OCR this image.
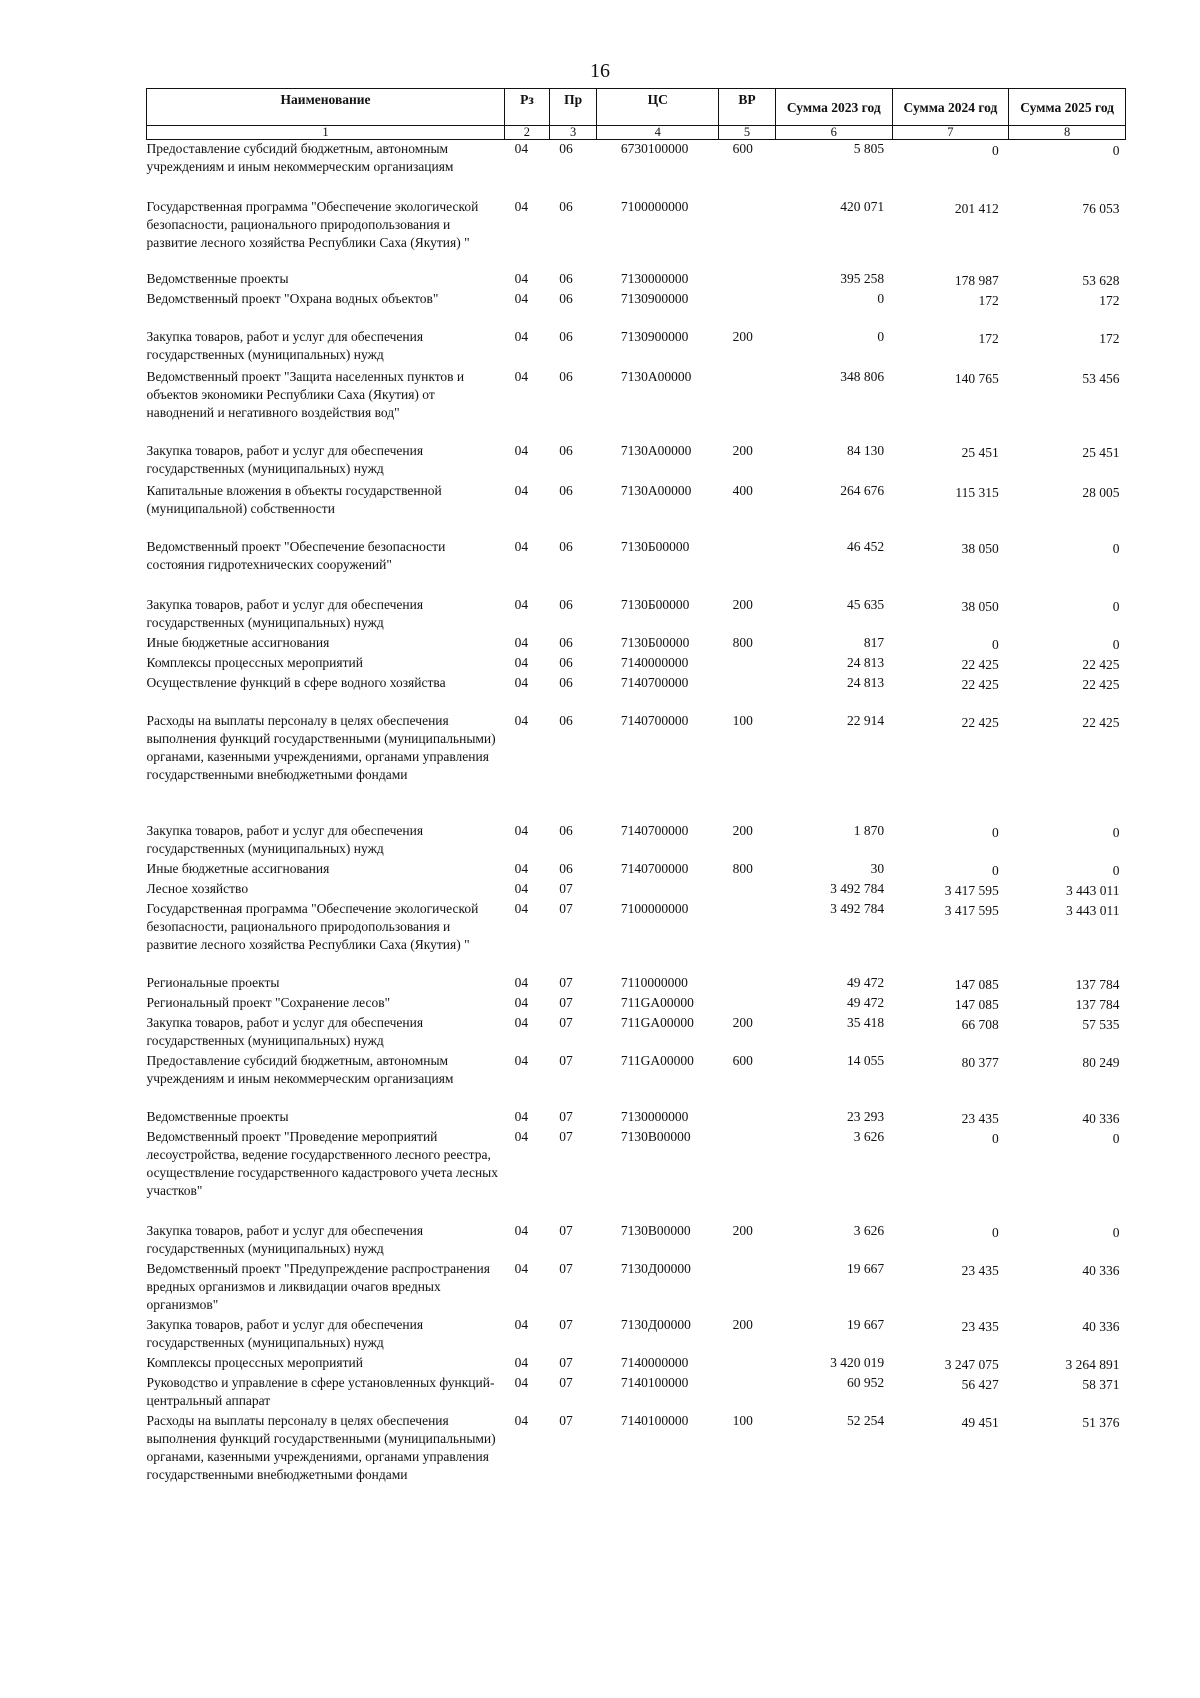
16
Наименование	Рз	Пр	ЦС	ВР	Сумма 2023 год	Сумма 2024 год	Сумма 2025 год
1	2	3	4	5	6	7	8
Предоставление субсидий бюджетным, автономным учреждениям и иным некоммерческим организациям	04	06	6730100000	600	5 805	0	0
Государственная программа "Обеспечение экологической безопасности, рационального природопользования и развитие лесного хозяйства Республики Саха (Якутия) "	04	06	7100000000		420 071	201 412	76 053
Ведомственные проекты	04	06	7130000000		395 258	178 987	53 628
Ведомственный проект "Охрана водных объектов"	04	06	7130900000		0	172	172
Закупка товаров, работ и услуг для обеспечения государственных (муниципальных) нужд	04	06	7130900000	200	0	172	172
Ведомственный проект "Защита населенных пунктов и объектов экономики Республики Саха (Якутия) от наводнений и негативного воздействия вод"	04	06	7130А00000		348 806	140 765	53 456
Закупка товаров, работ и услуг для обеспечения государственных (муниципальных) нужд	04	06	7130А00000	200	84 130	25 451	25 451
Капитальные вложения в объекты государственной (муниципальной) собственности	04	06	7130А00000	400	264 676	115 315	28 005
Ведомственный проект "Обеспечение безопасности состояния гидротехнических сооружений"	04	06	7130Б00000		46 452	38 050	0
Закупка товаров, работ и услуг для обеспечения государственных (муниципальных) нужд	04	06	7130Б00000	200	45 635	38 050	0
Иные бюджетные ассигнования	04	06	7130Б00000	800	817	0	0
Комплексы процессных мероприятий	04	06	7140000000		24 813	22 425	22 425
Осуществление функций в сфере водного хозяйства	04	06	7140700000		24 813	22 425	22 425
Расходы на выплаты персоналу в целях обеспечения выполнения функций государственными (муниципальными) органами, казенными учреждениями, органами управления государственными внебюджетными фондами	04	06	7140700000	100	22 914	22 425	22 425
Закупка товаров, работ и услуг для обеспечения государственных (муниципальных) нужд	04	06	7140700000	200	1 870	0	0
Иные бюджетные ассигнования	04	06	7140700000	800	30	0	0
Лесное хозяйство	04	07			3 492 784	3 417 595	3 443 011
Государственная программа "Обеспечение экологической безопасности, рационального природопользования и развитие лесного хозяйства Республики Саха (Якутия) "	04	07	7100000000		3 492 784	3 417 595	3 443 011
Региональные проекты	04	07	7110000000		49 472	147 085	137 784
Региональный проект "Сохранение лесов"	04	07	711GA00000		49 472	147 085	137 784
Закупка товаров, работ и услуг для обеспечения государственных (муниципальных) нужд	04	07	711GA00000	200	35 418	66 708	57 535
Предоставление субсидий бюджетным, автономным учреждениям и иным некоммерческим организациям	04	07	711GA00000	600	14 055	80 377	80 249
Ведомственные проекты	04	07	7130000000		23 293	23 435	40 336
Ведомственный проект "Проведение мероприятий лесоустройства, ведение государственного лесного реестра, осуществление государственного кадастрового учета лесных участков"	04	07	7130В00000		3 626	0	0
Закупка товаров, работ и услуг для обеспечения государственных (муниципальных) нужд	04	07	7130В00000	200	3 626	0	0
Ведомственный проект "Предупреждение распространения вредных организмов и ликвидации очагов вредных организмов"	04	07	7130Д00000		19 667	23 435	40 336
Закупка товаров, работ и услуг для обеспечения государственных (муниципальных) нужд	04	07	7130Д00000	200	19 667	23 435	40 336
Комплексы процессных мероприятий	04	07	7140000000		3 420 019	3 247 075	3 264 891
Руководство и управление в сфере установленных функций-центральный аппарат	04	07	7140100000		60 952	56 427	58 371
Расходы на выплаты персоналу в целях обеспечения выполнения функций государственными (муниципальными) органами, казенными учреждениями, органами управления государственными внебюджетными фондами	04	07	7140100000	100	52 254	49 451	51 376
